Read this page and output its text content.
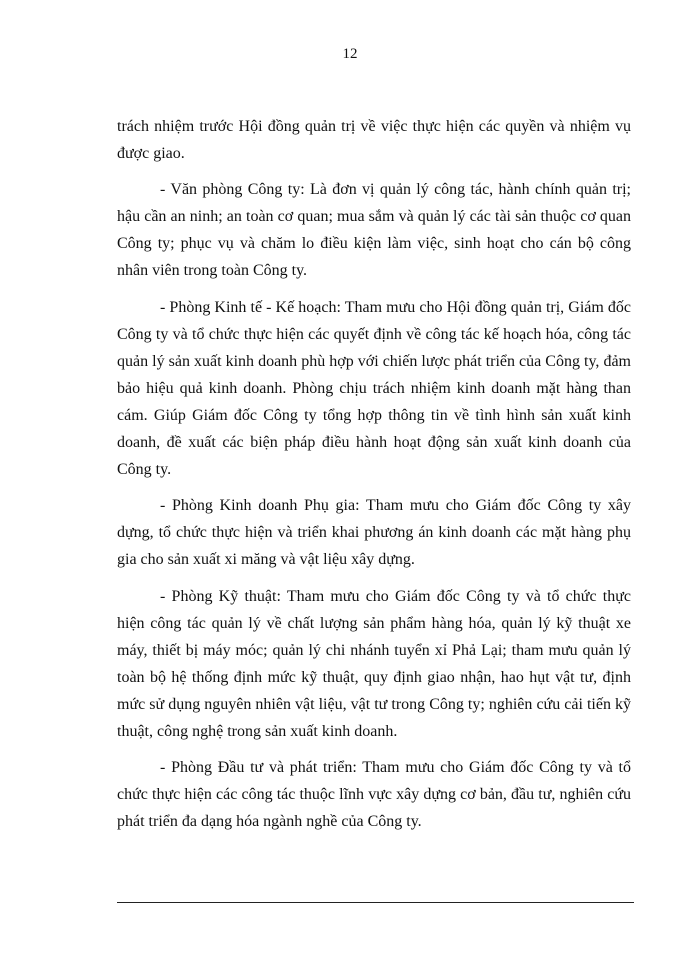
12

trách nhiệm trước Hội đồng quản trị về việc thực hiện các quyền và nhiệm vụ được giao.

- Văn phòng Công ty: Là đơn vị quản lý công tác, hành chính quản trị; hậu cần an ninh; an toàn cơ quan; mua sắm và quản lý các tài sản thuộc cơ quan Công ty; phục vụ và chăm lo điều kiện làm việc, sinh hoạt cho cán bộ công nhân viên trong toàn Công ty.

- Phòng Kinh tế - Kế hoạch: Tham mưu cho Hội đồng quản trị, Giám đốc Công ty và tổ chức thực hiện các quyết định về công tác kế hoạch hóa, công tác quản lý sản xuất kinh doanh phù hợp với chiến lược phát triển của Công ty, đảm bảo hiệu quả kinh doanh. Phòng chịu trách nhiệm kinh doanh mặt hàng than cám. Giúp Giám đốc Công ty tổng hợp thông tin về tình hình sản xuất kinh doanh, đề xuất các biện pháp điều hành hoạt động sản xuất kinh doanh của Công ty.

- Phòng Kinh doanh Phụ gia: Tham mưu cho Giám đốc Công ty xây dựng, tổ chức thực hiện và triển khai phương án kinh doanh các mặt hàng phụ gia cho sản xuất xi măng và vật liệu xây dựng.

- Phòng Kỹ thuật: Tham mưu cho Giám đốc Công ty và tổ chức thực hiện công tác quản lý về chất lượng sản phẩm hàng hóa, quản lý kỹ thuật xe máy, thiết bị máy móc; quản lý chi nhánh tuyển xỉ Phả Lại; tham mưu quản lý toàn bộ hệ thống định mức kỹ thuật, quy định giao nhận, hao hụt vật tư, định mức sử dụng nguyên nhiên vật liệu, vật tư trong Công ty; nghiên cứu cải tiến kỹ thuật, công nghệ trong sản xuất kinh doanh.

- Phòng Đầu tư và phát triển: Tham mưu cho Giám đốc Công ty và tổ chức thực hiện các công tác thuộc lĩnh vực xây dựng cơ bản, đầu tư, nghiên cứu phát triển đa dạng hóa ngành nghề của Công ty.
